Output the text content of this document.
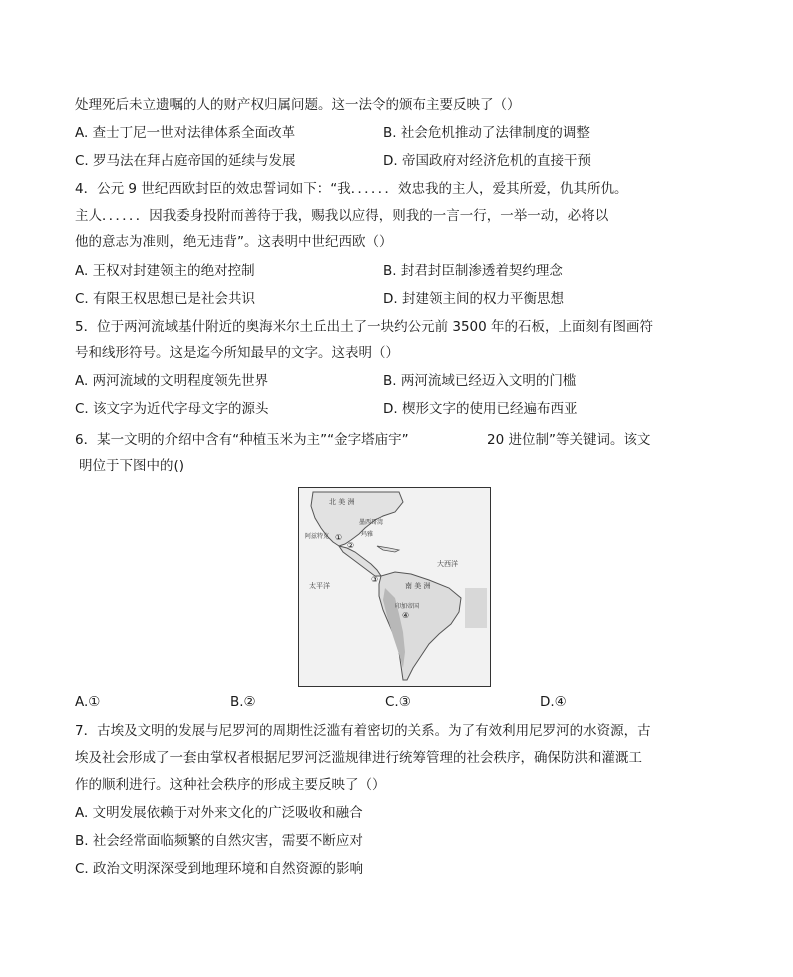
处理死后未立遗嘱的人的财产权归属问题。这一法令的颁布主要反映了（）
A. 查士丁尼一世对法律体系全面改革	B. 社会危机推动了法律制度的调整
C. 罗马法在拜占庭帝国的延续与发展	D. 帝国政府对经济危机的直接干预
4．公元 9 世纪西欧封臣的效忠誓词如下：“我．．．．．．效忠我的主人，爱其所爱，仇其所仇。
主人．．．．．．因我委身投附而善待于我，赐我以应得，则我的一言一行，一举一动，必将以
他的意志为准则，绝无违背”。这表明中世纪西欧（）
A. 王权对封建领主的绝对控制	B. 封君封臣制渗透着契约理念
C. 有限王权思想已是社会共识	D. 封建领主间的权力平衡思想
5．位于两河流域基什附近的奥海米尔土丘出土了一块约公元前 3500 年的石板，上面刻有图画符
号和线形符号。这是迄今所知最早的文字。这表明（）
A. 两河流域的文明程度领先世界	B. 两河流域已经迈入文明的门槛
C. 该文字为近代字母文字的源头	D. 楔形文字的使用已经遍布西亚
6．某一文明的介绍中含有“种植玉米为主”“金字塔庙宇”	20 进位制”等关键词。该文
明位于下图中的()
北 美 洲
墨西哥湾
阿兹特克	玛雅
太平洋
大西洋
南 美 洲
印加帝国
①
②
③
④
A.①	B.②	C.③	D.④
7．古埃及文明的发展与尼罗河的周期性泛滥有着密切的关系。为了有效利用尼罗河的水资源，古
埃及社会形成了一套由掌权者根据尼罗河泛滥规律进行统筹管理的社会秩序，确保防洪和灌溉工
作的顺利进行。这种社会秩序的形成主要反映了（）
A. 文明发展依赖于对外来文化的广泛吸收和融合
B. 社会经常面临频繁的自然灾害，需要不断应对
C. 政治文明深深受到地理环境和自然资源的影响
